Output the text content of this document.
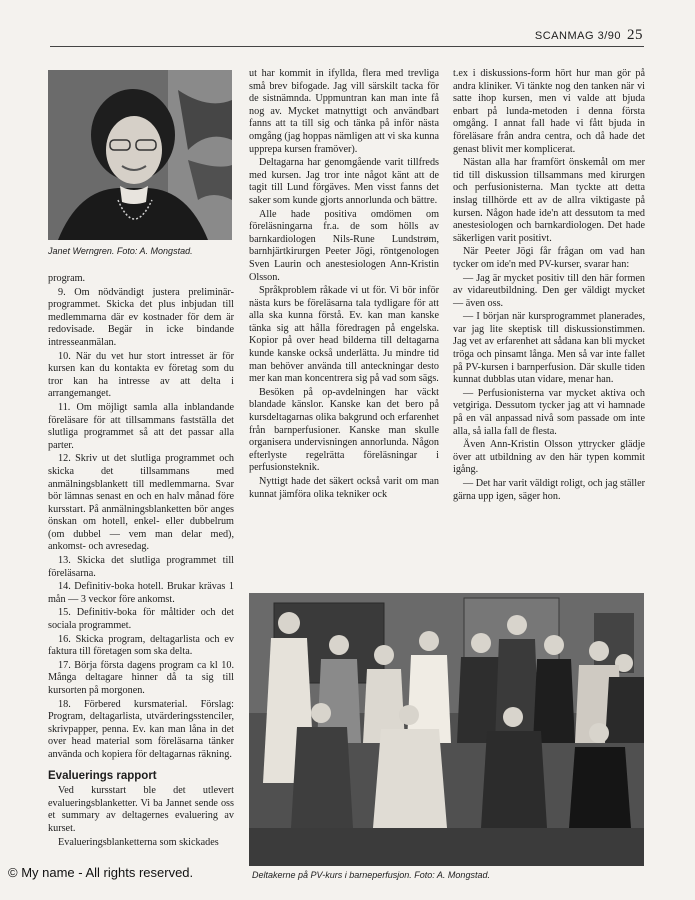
SCANMAG 3/90 25
Janet Werngren. Foto: A. Mongstad.

program.

9. Om nödvändigt justera preliminär-programmet. Skicka det plus inbjudan till medlemmarna där ev kostnader för dem är redovisade. Begär in icke bindande intresseanmälan.

10. När du vet hur stort intresset är för kursen kan du kontakta ev företag som du tror kan ha intresse av att delta i arrangemanget.

11. Om möjligt samla alla inblandande föreläsare för att tillsammans fastställa det slutliga programmet så att det passar alla parter.

12. Skriv ut det slutliga programmet och skicka det tillsammans med anmälningsblankett till medlemmarna. Svar bör lämnas senast en och en halv månad före kursstart. På anmälningsblanketten bör anges önskan om hotell, enkel- eller dubbelrum (om dubbel — vem man delar med), ankomst- och avresedag.

13. Skicka det slutliga programmet till föreläsarna.

14. Definitiv-boka hotell. Brukar krävas 1 mån — 3 veckor före ankomst.

15. Definitiv-boka för måltider och det sociala programmet.

16. Skicka program, deltagarlista och ev faktura till företagen som ska delta.

17. Börja första dagens program ca kl 10. Många deltagare hinner då ta sig till kursorten på morgonen.

18. Förbered kursmaterial. Förslag: Program, deltagarlista, utvärderingsstenciler, skrivpapper, penna. Ev. kan man låna in det over head material som föreläsarna tänker använda och kopiera för deltagarnas räkning.

Evaluerings rapport

Ved kursstart ble det utlevert evalueringsblanketter. Vi ba Jannet sende oss et summary av deltagernes evaluering av kurset.

Evalueringsblanketterna som skickades

ut har kommit in ifyllda, flera med trevliga små brev bifogade. Jag vill särskilt tacka för de sistnämnda. Uppmuntran kan man inte få nog av. Mycket matnyttigt och användbart fanns att ta till sig och tänka på inför nästa omgång (jag hoppas nämligen att vi ska kunna upprepa kursen framöver).

Deltagarna har genomgående varit tillfreds med kursen. Jag tror inte något känt att de tagit till Lund förgäves. Men visst fanns det saker som kunde gjorts annorlunda och bättre.

Alle hade positiva omdömen om föreläsningarna fr.a. de som hölls av barnkardiologen Nils-Rune Lundstrøm, barnhjärtkirurgen Peeter Jögi, röntgenologen Sven Laurin och anestesiologen Ann-Kristin Olsson.

Språkproblem råkade vi ut för. Vi bör inför nästa kurs be föreläsarna tala tydligare för att alla ska kunna förstå. Ev. kan man kanske tänka sig att hålla föredragen på engelska. Kopior på over head bilderna till deltagarna kunde kanske också underlätta. Ju mindre tid man behöver använda till anteckningar desto mer kan man koncentrera sig på vad som sägs.

Besöken på op-avdelningen har väckt blandade känslor. Kanske kan det bero på kursdeltagarnas olika bakgrund och erfarenhet från barnperfusioner. Kanske man skulle organisera undervisningen annorlunda. Någon efterlyste regelrätta föreläsningar i perfusionsteknik.

Nyttigt hade det säkert också varit om man kunnat jämföra olika tekniker ock

t.ex i diskussions-form hört hur man gör på andra kliniker. Vi tänkte nog den tanken när vi satte ihop kursen, men vi valde att bjuda enbart på lunda-metoden i denna första omgång. I annat fall hade vi fått bjuda in föreläsare från andra centra, och då hade det genast blivit mer komplicerat.

Nästan alla har framfört önskemål om mer tid till diskussion tillsammans med kirurgen och perfusionisterna. Man tyckte att detta inslag tillhörde ett av de allra viktigaste på kursen. Någon hade ide'n att dessutom ta med anestesiologen och barnkardiologen. Det hade säkerligen varit positivt.

När Peeter Jögi får frågan om vad han tycker om ide'n med PV-kurser, svarar han:

— Jag är mycket positiv till den här formen av vidareutbildning. Den ger väldigt mycket — även oss.

— I början när kursprogrammet planerades, var jag lite skeptisk till diskussionstimmen. Jag vet av erfarenhet att sådana kan bli mycket tröga och pinsamt långa. Men så var inte fallet på PV-kursen i barnperfusion. Där skulle tiden kunnat dubblas utan vidare, menar han.

— Perfusionisterna var mycket aktiva och vetgiriga. Dessutom tycker jag att vi hamnade på en väl anpassad nivå som passade om inte alla, så ialla fall de flesta.

Även Ann-Kristin Olsson yttrycker glädje över att utbildning av den här typen kommit igång.

— Det har varit väldigt roligt, och jag ställer gärna upp igen, säger hon.

Deltakerne på PV-kurs i barneperfusjon. Foto: A. Mongstad.
© My name - All rights reserved.
